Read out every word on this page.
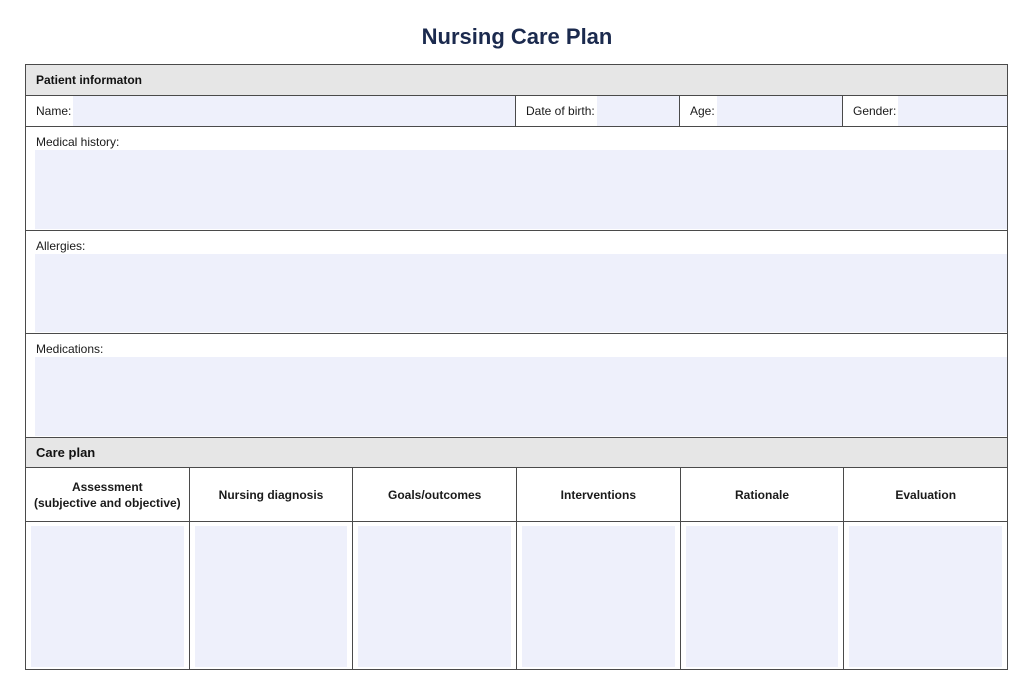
Nursing Care Plan
Patient informaton
Name:	Date of birth:	Age:	Gender:
Medical history:
Allergies:
Medications:
Care plan
Assessment
(subjective and objective)
Nursing diagnosis	Goals/outcomes	Interventions	Rationale	Evaluation
